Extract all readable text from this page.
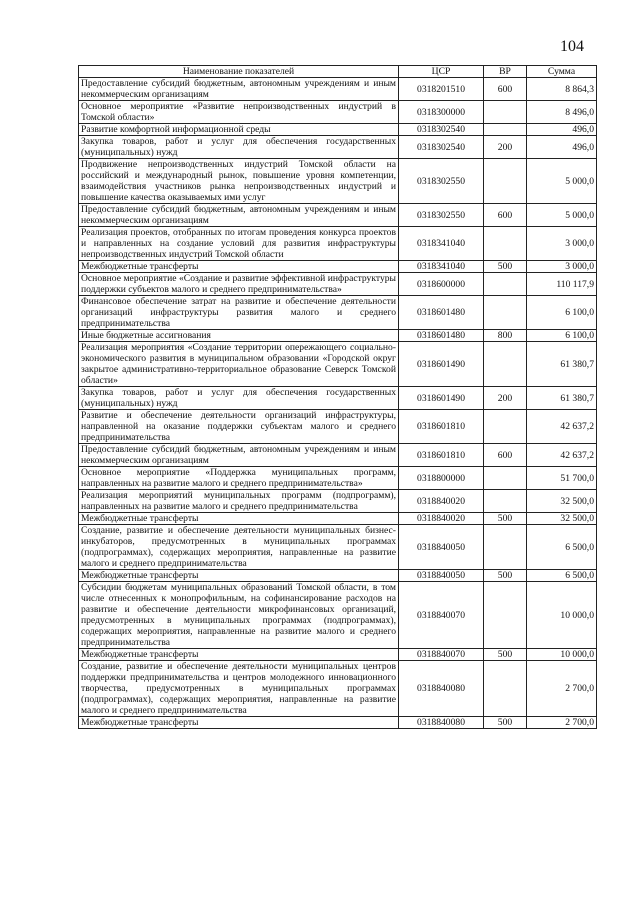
104
Наименование показателей	ЦСР	ВР	Сумма
Предоставление субсидий бюджетным, автономным учреждениям и иным некоммерческим организациям	0318201510	600	8 864,3
Основное мероприятие «Развитие непроизводственных индустрий в Томской области»	0318300000		8 496,0
Развитие комфортной информационной среды	0318302540		496,0
Закупка товаров, работ и услуг для обеспечения государственных (муниципальных) нужд	0318302540	200	496,0
Продвижение непроизводственных индустрий Томской области на российский и международный рынок, повышение уровня компетенции, взаимодействия участников рынка непроизводственных индустрий и повышение качества оказываемых ими услуг	0318302550		5 000,0
Предоставление субсидий бюджетным, автономным учреждениям и иным некоммерческим организациям	0318302550	600	5 000,0
Реализация проектов, отобранных по итогам проведения конкурса проектов и направленных на создание условий для развития инфраструктуры непроизводственных индустрий Томской области	0318341040		3 000,0
Межбюджетные трансферты	0318341040	500	3 000,0
Основное мероприятие «Создание и развитие эффективной инфраструктуры поддержки субъектов малого и среднего предпринимательства»	0318600000		110 117,9
Финансовое обеспечение затрат на развитие и обеспечение деятельности организаций инфраструктуры развития малого и среднего предпринимательства	0318601480		6 100,0
Иные бюджетные ассигнования	0318601480	800	6 100,0
Реализация мероприятия «Создание территории опережающего социально-экономического развития в муниципальном образовании «Городской округ закрытое административно-территориальное образование Северск Томской области»	0318601490		61 380,7
Закупка товаров, работ и услуг для обеспечения государственных (муниципальных) нужд	0318601490	200	61 380,7
Развитие и обеспечение деятельности организаций инфраструктуры, направленной на оказание поддержки субъектам малого и среднего предпринимательства	0318601810		42 637,2
Предоставление субсидий бюджетным, автономным учреждениям и иным некоммерческим организациям	0318601810	600	42 637,2
Основное мероприятие «Поддержка муниципальных программ, направленных на развитие малого и среднего предпринимательства»	0318800000		51 700,0
Реализация мероприятий муниципальных программ (подпрограмм), направленных на развитие малого и среднего предпринимательства	0318840020		32 500,0
Межбюджетные трансферты	0318840020	500	32 500,0
Создание, развитие и обеспечение деятельности муниципальных бизнес-инкубаторов, предусмотренных в муниципальных программах (подпрограммах), содержащих мероприятия, направленные на развитие малого и среднего предпринимательства	0318840050		6 500,0
Межбюджетные трансферты	0318840050	500	6 500,0
Субсидии бюджетам муниципальных образований Томской области, в том числе отнесенных к монопрофильным, на софинансирование расходов на развитие и обеспечение деятельности микрофинансовых организаций, предусмотренных в муниципальных программах (подпрограммах), содержащих мероприятия, направленные на развитие малого и среднего предпринимательства	0318840070		10 000,0
Межбюджетные трансферты	0318840070	500	10 000,0
Создание, развитие и обеспечение деятельности муниципальных центров поддержки предпринимательства и центров молодежного инновационного творчества, предусмотренных в муниципальных программах (подпрограммах), содержащих мероприятия, направленные на развитие малого и среднего предпринимательства	0318840080		2 700,0
Межбюджетные трансферты	0318840080	500	2 700,0
